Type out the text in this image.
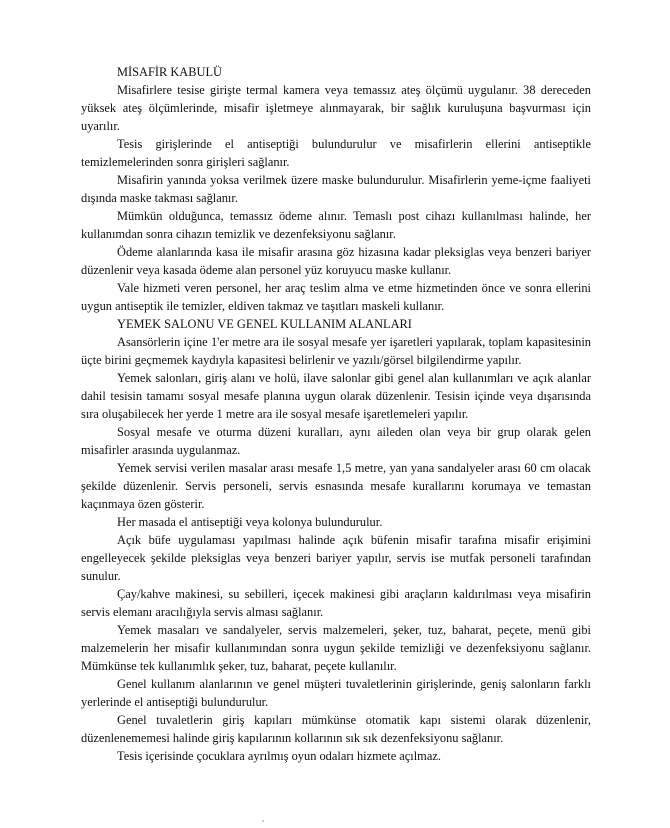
MİSAFİR KABULÜ

Misafirlere tesise girişte termal kamera veya temassız ateş ölçümü uygulanır. 38 dereceden yüksek ateş ölçümlerinde, misafir işletmeye alınmayarak, bir sağlık kuruluşuna başvurması için uyarılır.

Tesis girişlerinde el antiseptiği bulundurulur ve misafirlerin ellerini antiseptikle temizlemelerinden sonra girişleri sağlanır.

Misafirin yanında yoksa verilmek üzere maske bulundurulur. Misafirlerin yeme-içme faaliyeti dışında maske takması sağlanır.

Mümkün olduğunca, temassız ödeme alınır. Temaslı post cihazı kullanılması halinde, her kullanımdan sonra cihazın temizlik ve dezenfeksiyonu sağlanır.

Ödeme alanlarında kasa ile misafir arasına göz hizasına kadar pleksiglas veya benzeri bariyer düzenlenir veya kasada ödeme alan personel yüz koruyucu maske kullanır.

Vale hizmeti veren personel, her araç teslim alma ve etme hizmetinden önce ve sonra ellerini uygun antiseptik ile temizler, eldiven takmaz ve taşıtları maskeli kullanır.

YEMEK SALONU VE GENEL KULLANIM ALANLARI

Asansörlerin içine 1'er metre ara ile sosyal mesafe yer işaretleri yapılarak, toplam kapasitesinin üçte birini geçmemek kaydıyla kapasitesi belirlenir ve yazılı/görsel bilgilendirme yapılır.

Yemek salonları, giriş alanı ve holü, ilave salonlar gibi genel alan kullanımları ve açık alanlar dahil tesisin tamamı sosyal mesafe planına uygun olarak düzenlenir. Tesisin içinde veya dışarısında sıra oluşabilecek her yerde 1 metre ara ile sosyal mesafe işaretlemeleri yapılır.

Sosyal mesafe ve oturma düzeni kuralları, aynı aileden olan veya bir grup olarak gelen misafirler arasında uygulanmaz.

Yemek servisi verilen masalar arası mesafe 1,5 metre, yan yana sandalyeler arası 60 cm olacak şekilde düzenlenir. Servis personeli, servis esnasında mesafe kurallarını korumaya ve temastan kaçınmaya özen gösterir.

Her masada el antiseptiği veya kolonya bulundurulur.

Açık büfe uygulaması yapılması halinde açık büfenin misafir tarafına misafir erişimini engelleyecek şekilde pleksiglas veya benzeri bariyer yapılır, servis ise mutfak personeli tarafından sunulur.

Çay/kahve makinesi, su sebilleri, içecek makinesi gibi araçların kaldırılması veya misafirin servis elemanı aracılığıyla servis alması sağlanır.

Yemek masaları ve sandalyeler, servis malzemeleri, şeker, tuz, baharat, peçete, menü gibi malzemelerin her misafir kullanımından sonra uygun şekilde temizliği ve dezenfeksiyonu sağlanır. Mümkünse tek kullanımlık şeker, tuz, baharat, peçete kullanılır.

Genel kullanım alanlarının ve genel müşteri tuvaletlerinin girişlerinde, geniş salonların farklı yerlerinde el antiseptiği bulundurulur.

Genel tuvaletlerin giriş kapıları mümkünse otomatik kapı sistemi olarak düzenlenir, düzenlenememesi halinde giriş kapılarının kollarının sık sık dezenfeksiyonu sağlanır.

Tesis içerisinde çocuklara ayrılmış oyun odaları hizmete açılmaz.
